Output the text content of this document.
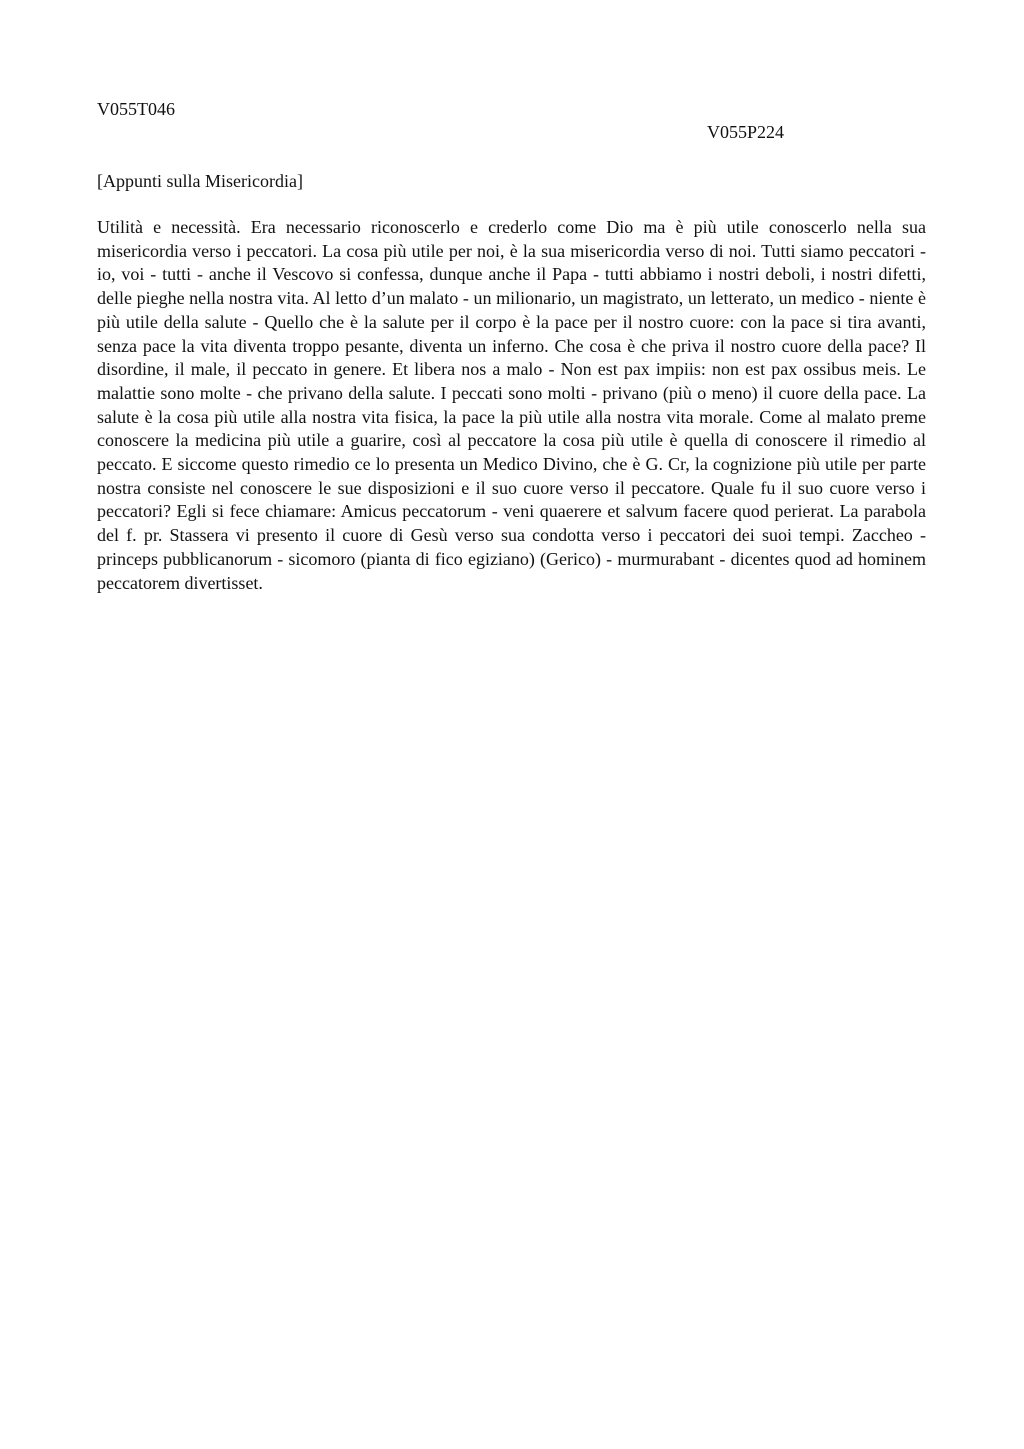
V055T046
V055P224
[Appunti sulla Misericordia]

Utilità e necessità. Era necessario riconoscerlo e crederlo come Dio ma è più utile conoscerlo nella sua misericordia verso i peccatori. La cosa più utile per noi, è la sua misericordia verso di noi. Tutti siamo peccatori - io, voi - tutti - anche il Vescovo si confessa, dunque anche il Papa - tutti abbiamo i nostri deboli, i nostri difetti, delle pieghe nella nostra vita. Al letto d’un malato - un milionario, un magistrato, un letterato, un medico - niente è più utile della salute - Quello che è la salute per il corpo è la pace per il nostro cuore: con la pace si tira avanti, senza pace la vita diventa troppo pesante, diventa un inferno. Che cosa è che priva il nostro cuore della pace? Il disordine, il male, il peccato in genere. Et libera nos a malo - Non est pax impiis: non est pax ossibus meis. Le malattie sono molte - che privano della salute. I peccati sono molti - privano (più o meno) il cuore della pace. La salute è la cosa più utile alla nostra vita fisica, la pace la più utile alla nostra vita morale. Come al malato preme conoscere la medicina più utile a guarire, così al peccatore la cosa più utile è quella di conoscere il rimedio al peccato. E siccome questo rimedio ce lo presenta un Medico Divino, che è G. Cr, la cognizione più utile per parte nostra consiste nel conoscere le sue disposizioni e il suo cuore verso il peccatore. Quale fu il suo cuore verso i peccatori? Egli si fece chiamare: Amicus peccatorum - veni quaerere et salvum facere quod perierat. La parabola del f. pr. Stassera vi presento il cuore di Gesù verso sua condotta verso i peccatori dei suoi tempi. Zaccheo - princeps pubblicanorum - sicomoro (pianta di fico egiziano) (Gerico) - murmurabant - dicentes quod ad hominem peccatorem divertisset.
